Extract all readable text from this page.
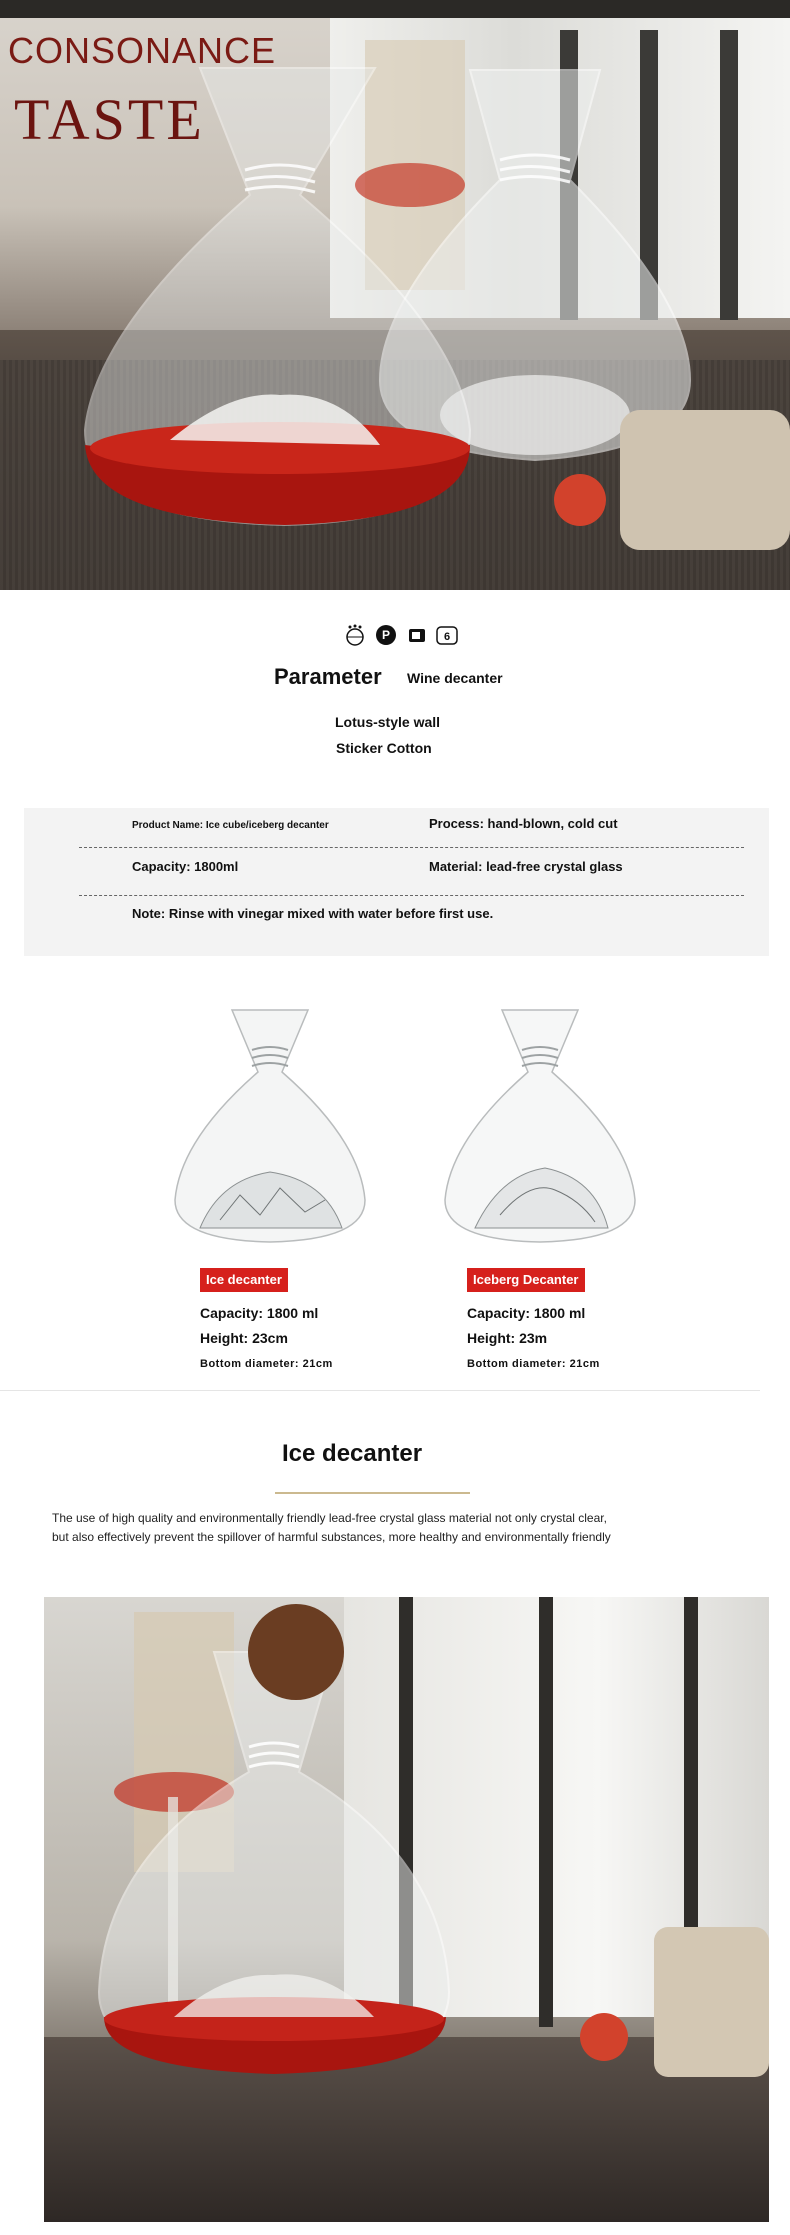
CONSONANCE
TASTE
P	6
Parameter Wine decanter
Lotus-style wall
Sticker Cotton
Product Name: Ice cube/iceberg decanter	Process: hand-blown, cold cut
Capacity: 1800ml	Material: lead-free crystal glass
Note: Rinse with vinegar mixed with water before first use.
Ice decanter
Capacity: 1800 ml
Height: 23cm
Bottom diameter: 21cm
Iceberg Decanter
Capacity: 1800 ml
Height: 23m
Bottom diameter: 21cm
Ice decanter
The use of high quality and environmentally friendly lead-free crystal glass material not only crystal clear,
but also effectively prevent the spillover of harmful substances, more healthy and environmentally friendly
